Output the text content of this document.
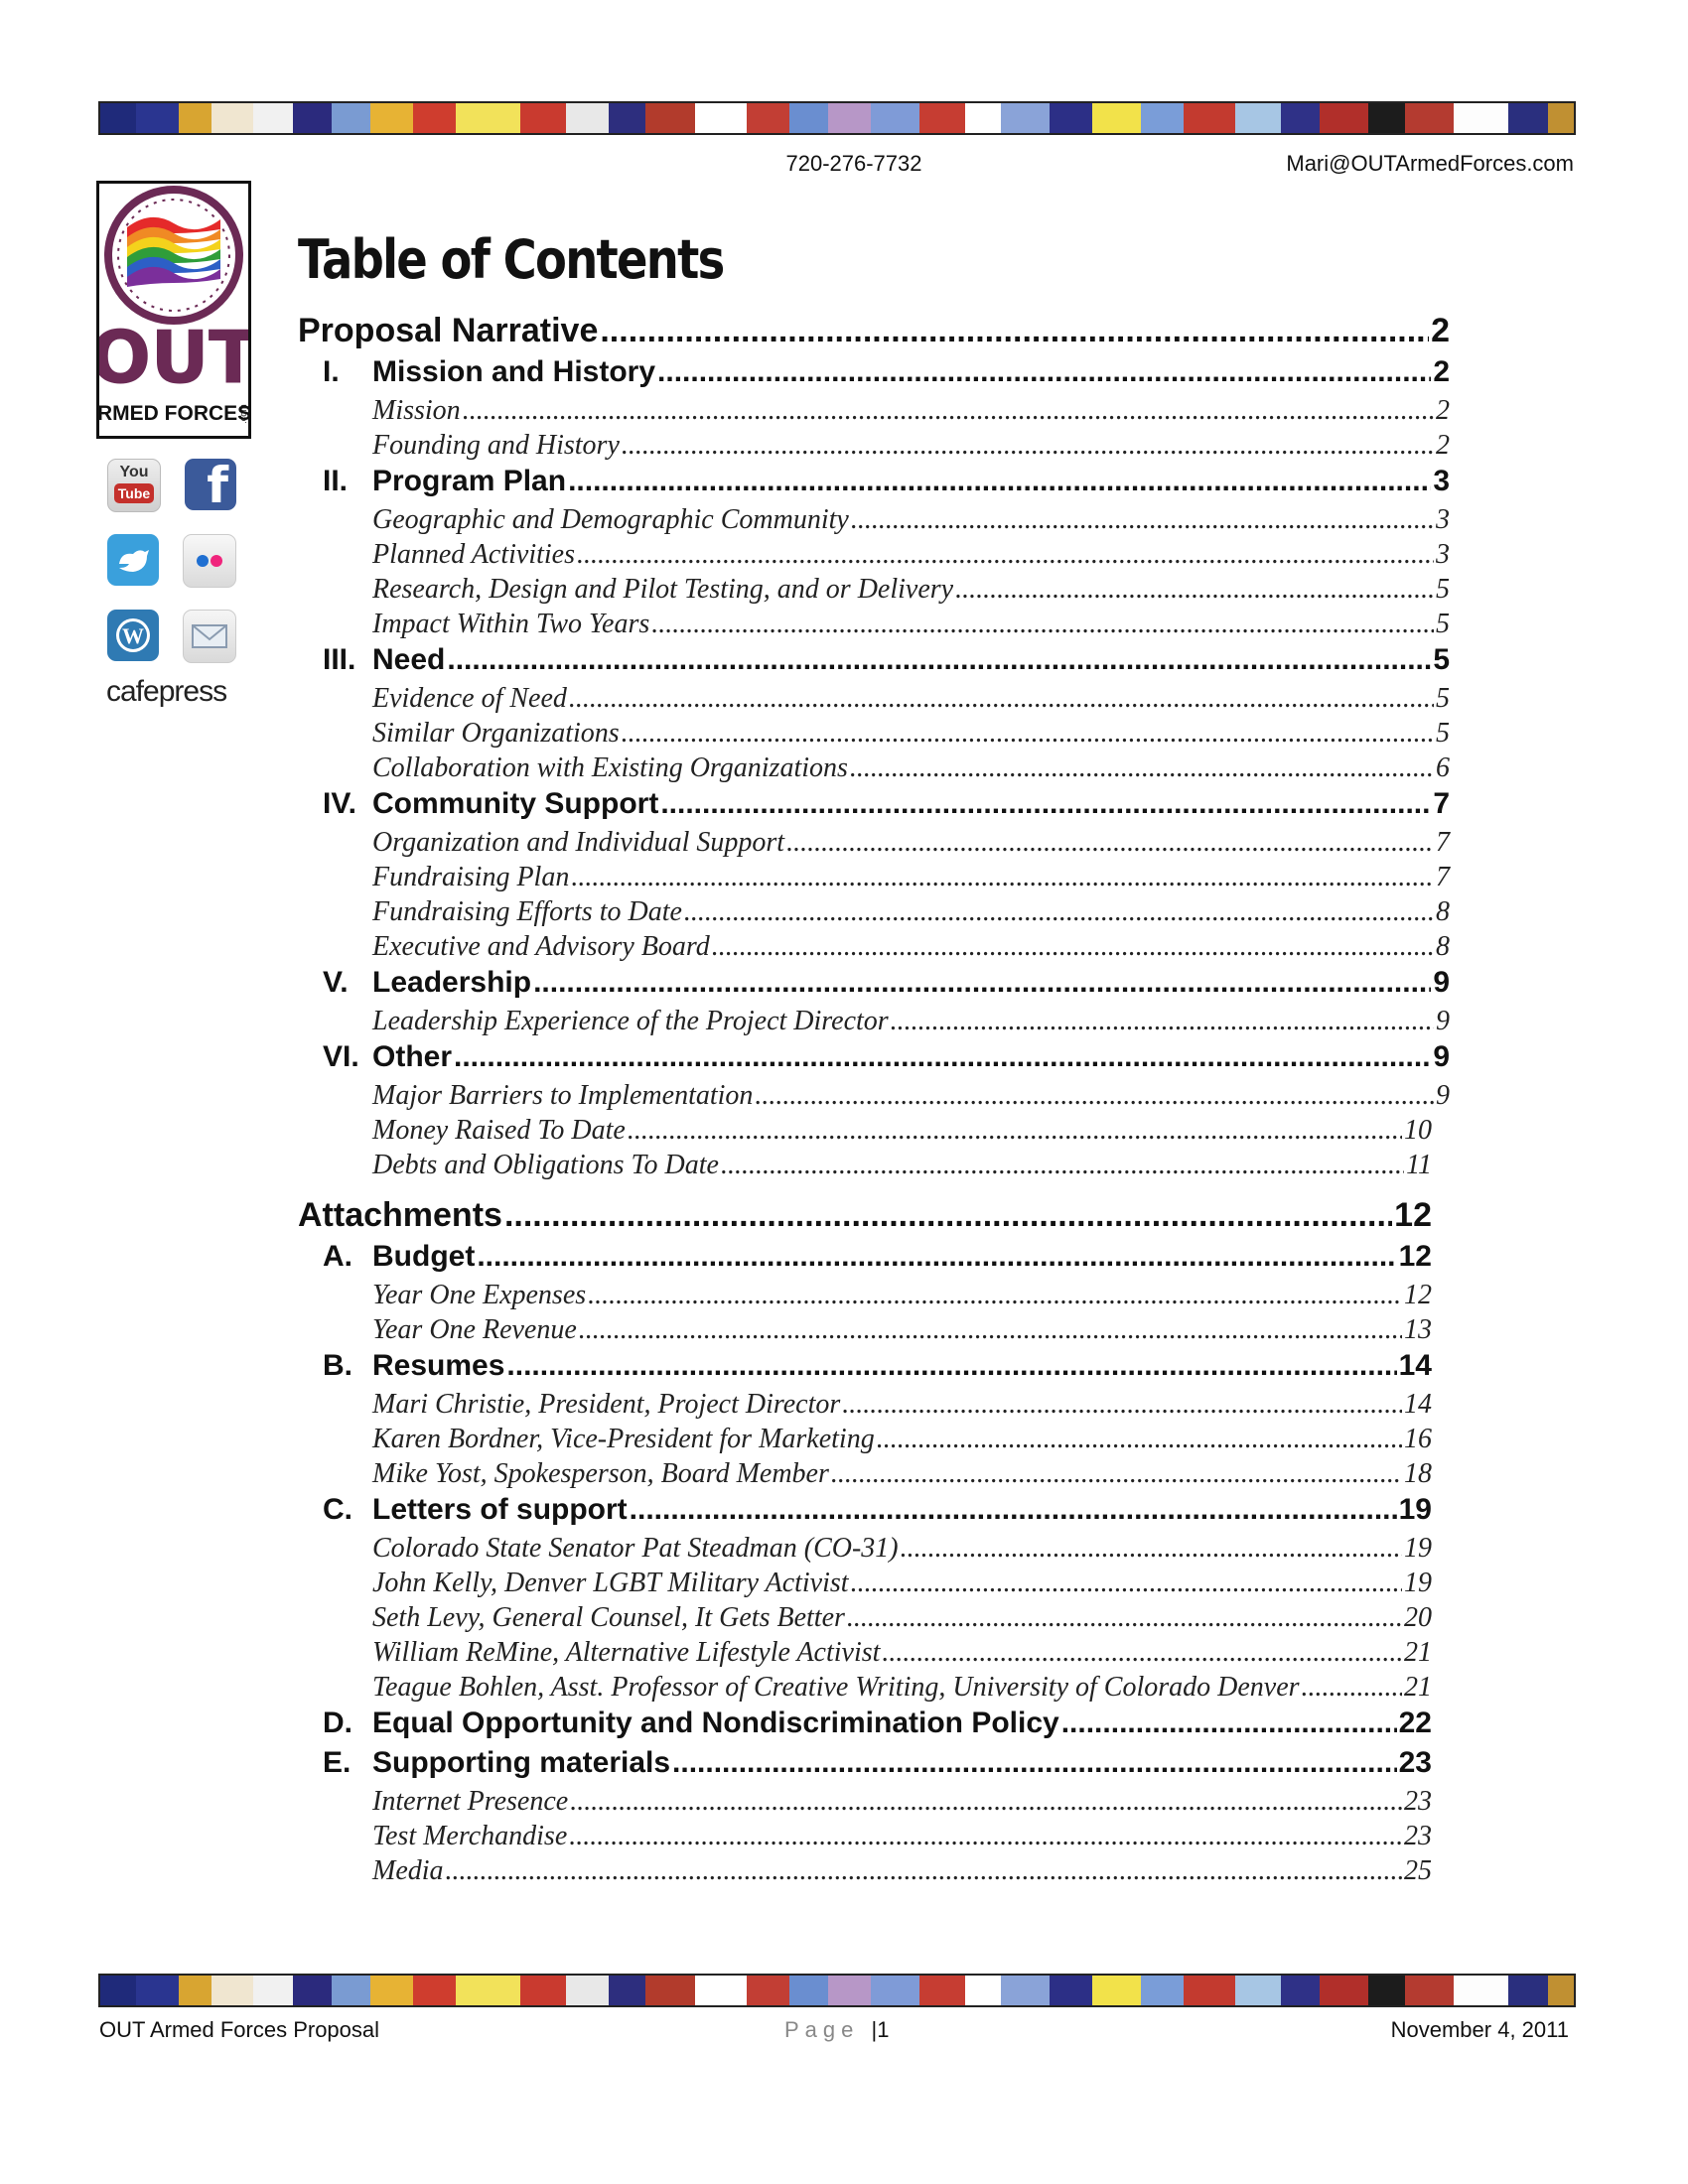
720-276-7732	Mari@OUTArmedForces.com
OUT
RMED FORCES
.com
You
Tube f
W
cafepress
Table of Contents
Proposal Narrative .....	2
I. Mission and History .....	2
Mission .....	2
Founding and History .....	2
II. Program Plan .....	3
Geographic and Demographic Community .....	3
Planned Activities .....	3
Research, Design and Pilot Testing, and or Delivery .....	5
Impact Within Two Years .....	5
III. Need .....	5
Evidence of Need .....	5
Similar Organizations .....	5
Collaboration with Existing Organizations .....	6
IV. Community Support .....	7
Organization and Individual Support .....	7
Fundraising Plan .....	7
Fundraising Efforts to Date .....	8
Executive and Advisory Board .....	8
V. Leadership .....	9
Leadership Experience of the Project Director .....	9
VI. Other .....	9
Major Barriers to Implementation .....	9
Money Raised To Date .....	10
Debts and Obligations To Date .....	11
Attachments .....	12
A. Budget .....	12
Year One Expenses .....	12
Year One Revenue .....	13
B. Resumes .....	14
Mari Christie, President, Project Director .....	14
Karen Bordner, Vice-President for Marketing .....	16
Mike Yost, Spokesperson, Board Member .....	18
C. Letters of support .....	19
Colorado State Senator Pat Steadman (CO-31) .....	19
John Kelly, Denver LGBT Military Activist .....	19
Seth Levy, General Counsel, It Gets Better .....	20
William ReMine, Alternative Lifestyle Activist .....	21
Teague Bohlen, Asst. Professor of Creative Writing, University of Colorado Denver .....	21
D. Equal Opportunity and Nondiscrimination Policy .....	22
E. Supporting materials .....	23
Internet Presence .....	23
Test Merchandise .....	23
Media .....	25
OUT Armed Forces Proposal	Page |1	November 4, 2011
